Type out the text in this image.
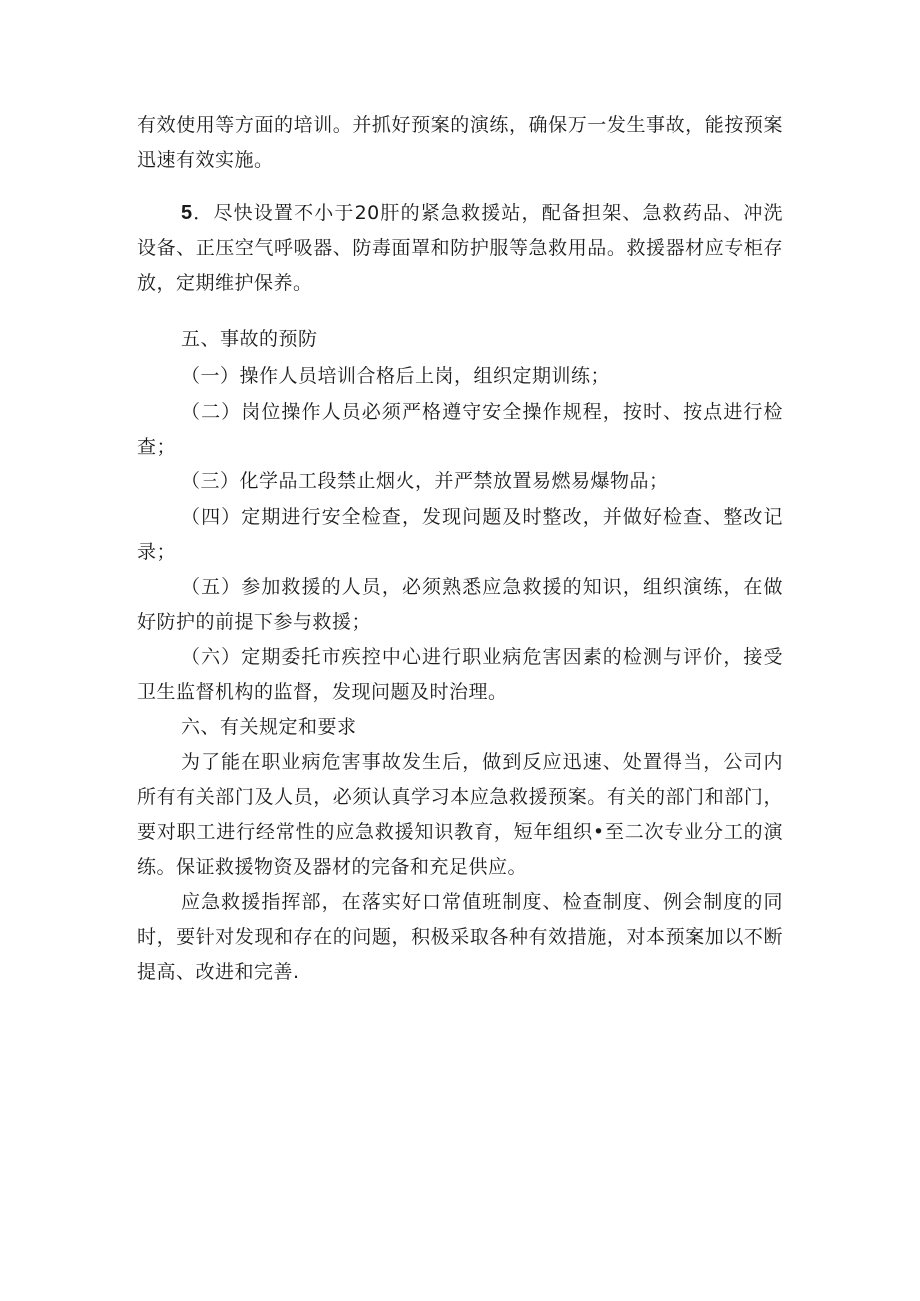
有效使用等方面的培训。并抓好预案的演练，确保万一发生事故，能按预案迅速有效实施。

5．尽快设置不小于20肝的紧急救援站，配备担架、急救药品、冲洗设备、正压空气呼吸器、防毒面罩和防护服等急救用品。救援器材应专柜存放，定期维护保养。

五、事故的预防

（一）操作人员培训合格后上岗，组织定期训练；

（二）岗位操作人员必须严格遵守安全操作规程，按时、按点进行检查；

（三）化学品工段禁止烟火，并严禁放置易燃易爆物品；

（四）定期进行安全检查，发现问题及时整改，并做好检查、整改记录；

（五）参加救援的人员，必须熟悉应急救援的知识，组织演练，在做好防护的前提下参与救援；

（六）定期委托市疾控中心进行职业病危害因素的检测与评价，接受卫生监督机构的监督，发现问题及时治理。

六、有关规定和要求

为了能在职业病危害事故发生后，做到反应迅速、处置得当，公司内所有有关部门及人员，必须认真学习本应急救援预案。有关的部门和部门，要对职工进行经常性的应急救援知识教育，短年组织•至二次专业分工的演练。保证救援物资及器材的完备和充足供应。

应急救援指挥部，在落实好口常值班制度、检查制度、例会制度的同时，要针对发现和存在的问题，积极采取各种有效措施，对本预案加以不断提高、改进和完善.
